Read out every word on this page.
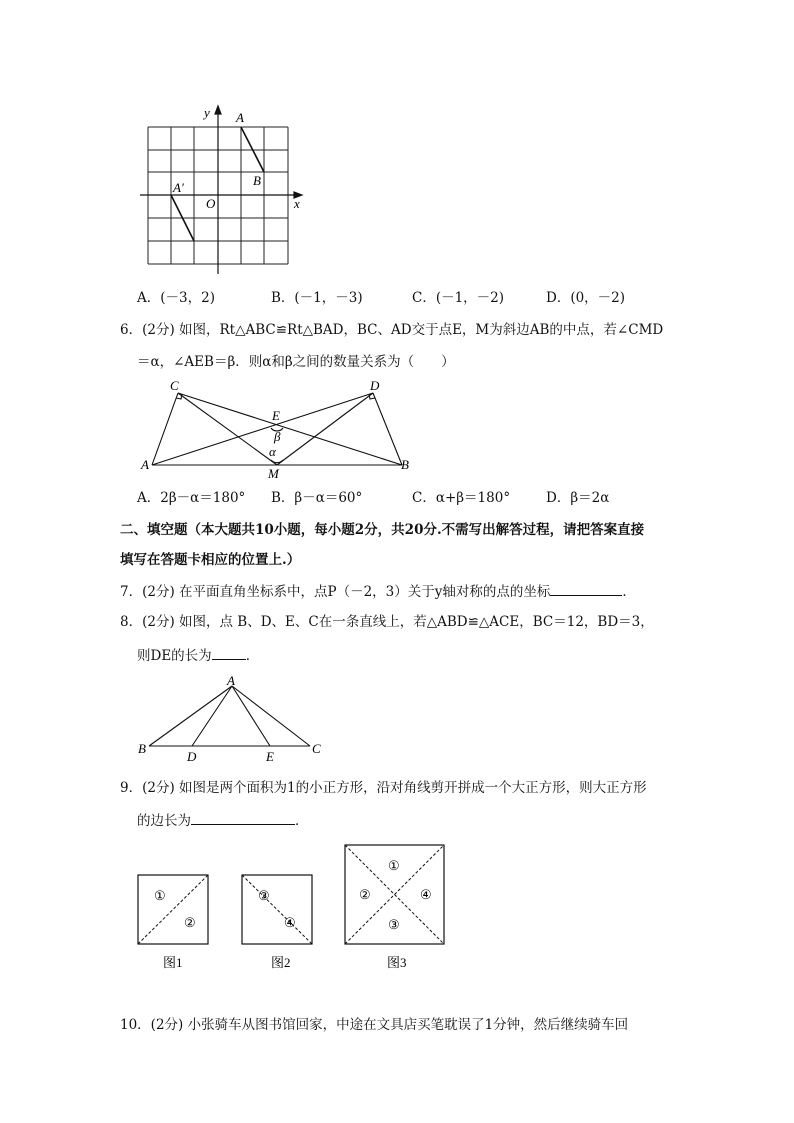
y
x
O
A
B
A′
A．(－3，2)	B．(－1，－3)	C．(－1，－2)	D．(0，－2)
6．(2分) 如图，Rt△ABC≌Rt△BAD，BC、AD交于点E，M为斜边AB的中点，若∠CMD
＝α，∠AEB＝β．则α和β之间的数量关系为（　　）
C	D
E
β
α
A	B
M
A．2β－α＝180° B．β－α＝60°	C．α+β＝180°	D．β＝2α
二、填空题（本大题共10小题，每小题2分，共20分.不需写出解答过程，请把答案直接
填写在答题卡相应的位置上.）
7．(2分) 在平面直角坐标系中，点P（－2，3）关于y轴对称的点的坐标	．
8．(2分) 如图，点 B、D、E、C在一条直线上，若△ABD≌△ACE，BC＝12，BD＝3，
则DE的长为	．
A
B
D	E
C
9．(2分) 如图是两个面积为1的小正方形，沿对角线剪开拼成一个大正方形，则大正方形
的边长为	．
①
②
图1
③
④
图2
①
②	④
③
图3
10．(2分) 小张骑车从图书馆回家，中途在文具店买笔耽误了1分钟，然后继续骑车回
